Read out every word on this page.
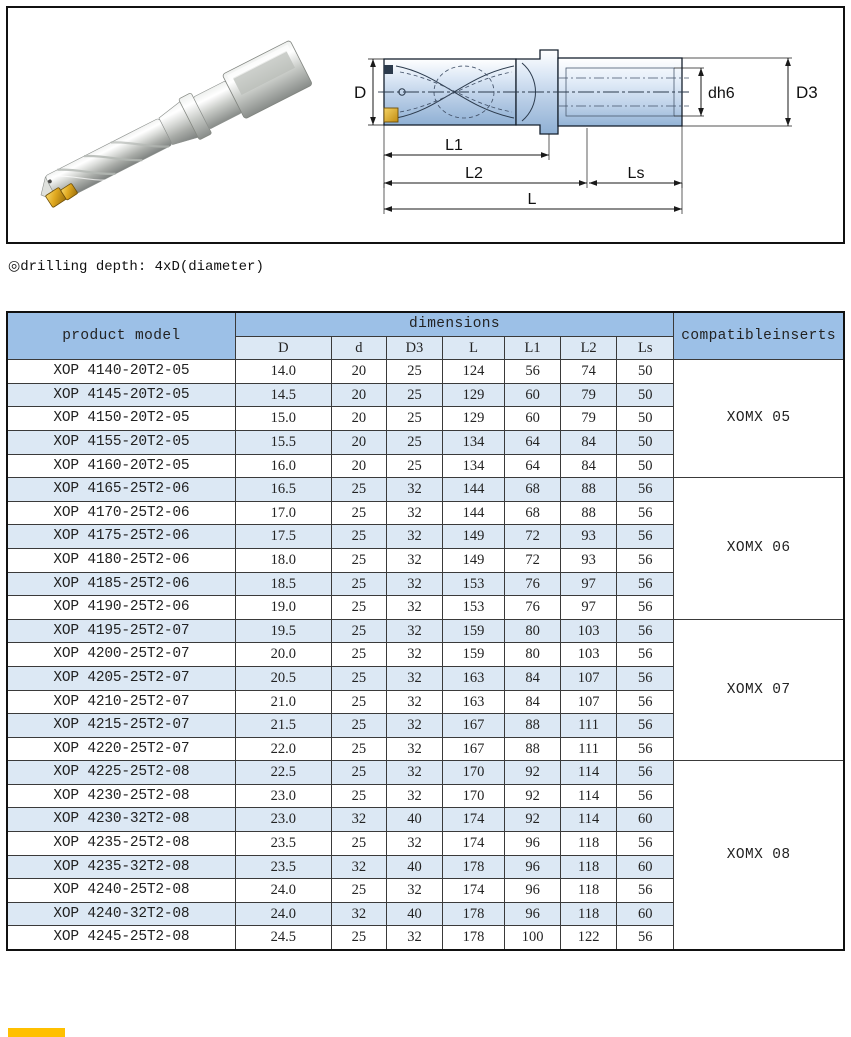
D	dh6	D3
L1
L2	Ls
L
◎drilling depth: 4xD(diameter)
product model	dimensions							compatibleinserts
	D	d	D3	L	L1	L2	Ls	
XOP 4140-20T2-05	14.0	20	25	124	56	74	50	XOMX 05
XOP 4145-20T2-05	14.5	20	25	129	60	79	50	
XOP 4150-20T2-05	15.0	20	25	129	60	79	50	
XOP 4155-20T2-05	15.5	20	25	134	64	84	50	
XOP 4160-20T2-05	16.0	20	25	134	64	84	50	
XOP 4165-25T2-06	16.5	25	32	144	68	88	56	XOMX 06
XOP 4170-25T2-06	17.0	25	32	144	68	88	56	
XOP 4175-25T2-06	17.5	25	32	149	72	93	56	
XOP 4180-25T2-06	18.0	25	32	149	72	93	56	
XOP 4185-25T2-06	18.5	25	32	153	76	97	56	
XOP 4190-25T2-06	19.0	25	32	153	76	97	56	
XOP 4195-25T2-07	19.5	25	32	159	80	103	56	XOMX 07
XOP 4200-25T2-07	20.0	25	32	159	80	103	56	
XOP 4205-25T2-07	20.5	25	32	163	84	107	56	
XOP 4210-25T2-07	21.0	25	32	163	84	107	56	
XOP 4215-25T2-07	21.5	25	32	167	88	111	56	
XOP 4220-25T2-07	22.0	25	32	167	88	111	56	
XOP 4225-25T2-08	22.5	25	32	170	92	114	56	XOMX 08
XOP 4230-25T2-08	23.0	25	32	170	92	114	56	
XOP 4230-32T2-08	23.0	32	40	174	92	114	60	
XOP 4235-25T2-08	23.5	25	32	174	96	118	56	
XOP 4235-32T2-08	23.5	32	40	178	96	118	60	
XOP 4240-25T2-08	24.0	25	32	174	96	118	56	
XOP 4240-32T2-08	24.0	32	40	178	96	118	60	
XOP 4245-25T2-08	24.5	25	32	178	100	122	56	
